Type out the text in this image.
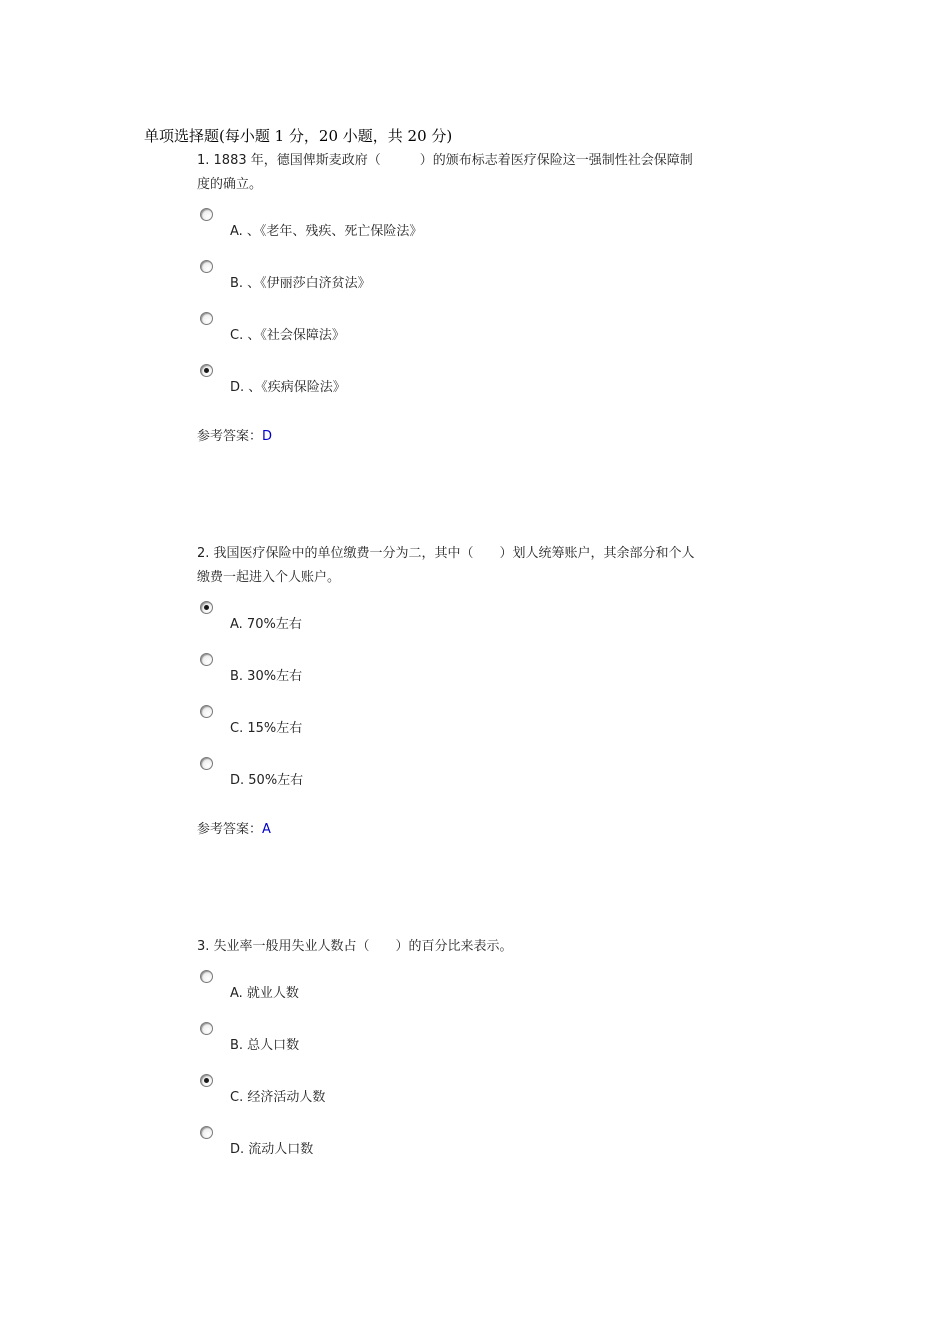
单项选择题(每小题 1 分，20 小题，共 20 分)
1. 1883 年，德国俾斯麦政府（　　　）的颁布标志着医疗保险这一强制性社会保障制
度的确立。
A. 、《老年、残疾、死亡保险法》
B. 、《伊丽莎白济贫法》
C. 、《社会保障法》
D. 、《疾病保险法》
参考答案：D
2. 我国医疗保险中的单位缴费一分为二，其中（　　）划人统筹账户，其余部分和个人
缴费一起进入个人账户。
A. 70%左右
B. 30%左右
C. 15%左右
D. 50%左右
参考答案：A
3. 失业率一般用失业人数占（　　）的百分比来表示。
A. 就业人数
B. 总人口数
C. 经济活动人数
D. 流动人口数
